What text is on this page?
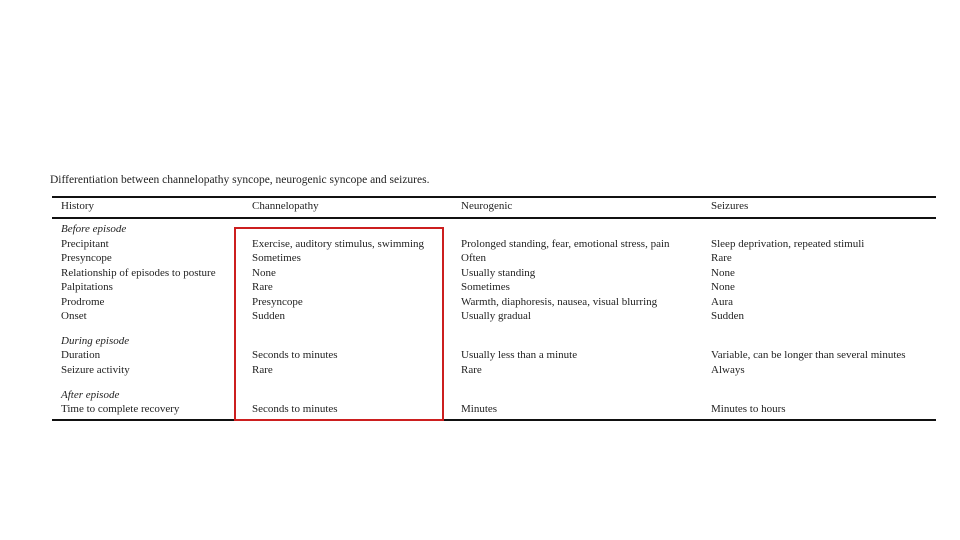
Differentiation between channelopathy syncope, neurogenic syncope and seizures.
History	Channelopathy	Neurogenic	Seizures
Before episode
Precipitant	Exercise, auditory stimulus, swimming	Prolonged standing, fear, emotional stress, pain	Sleep deprivation, repeated stimuli
Presyncope	Sometimes	Often	Rare
Relationship of episodes to posture	None	Usually standing	None
Palpitations	Rare	Sometimes	None
Prodrome	Presyncope	Warmth, diaphoresis, nausea, visual blurring	Aura
Onset	Sudden	Usually gradual	Sudden
During episode
Duration	Seconds to minutes	Usually less than a minute	Variable, can be longer than several minutes
Seizure activity	Rare	Rare	Always
After episode
Time to complete recovery	Seconds to minutes	Minutes	Minutes to hours
